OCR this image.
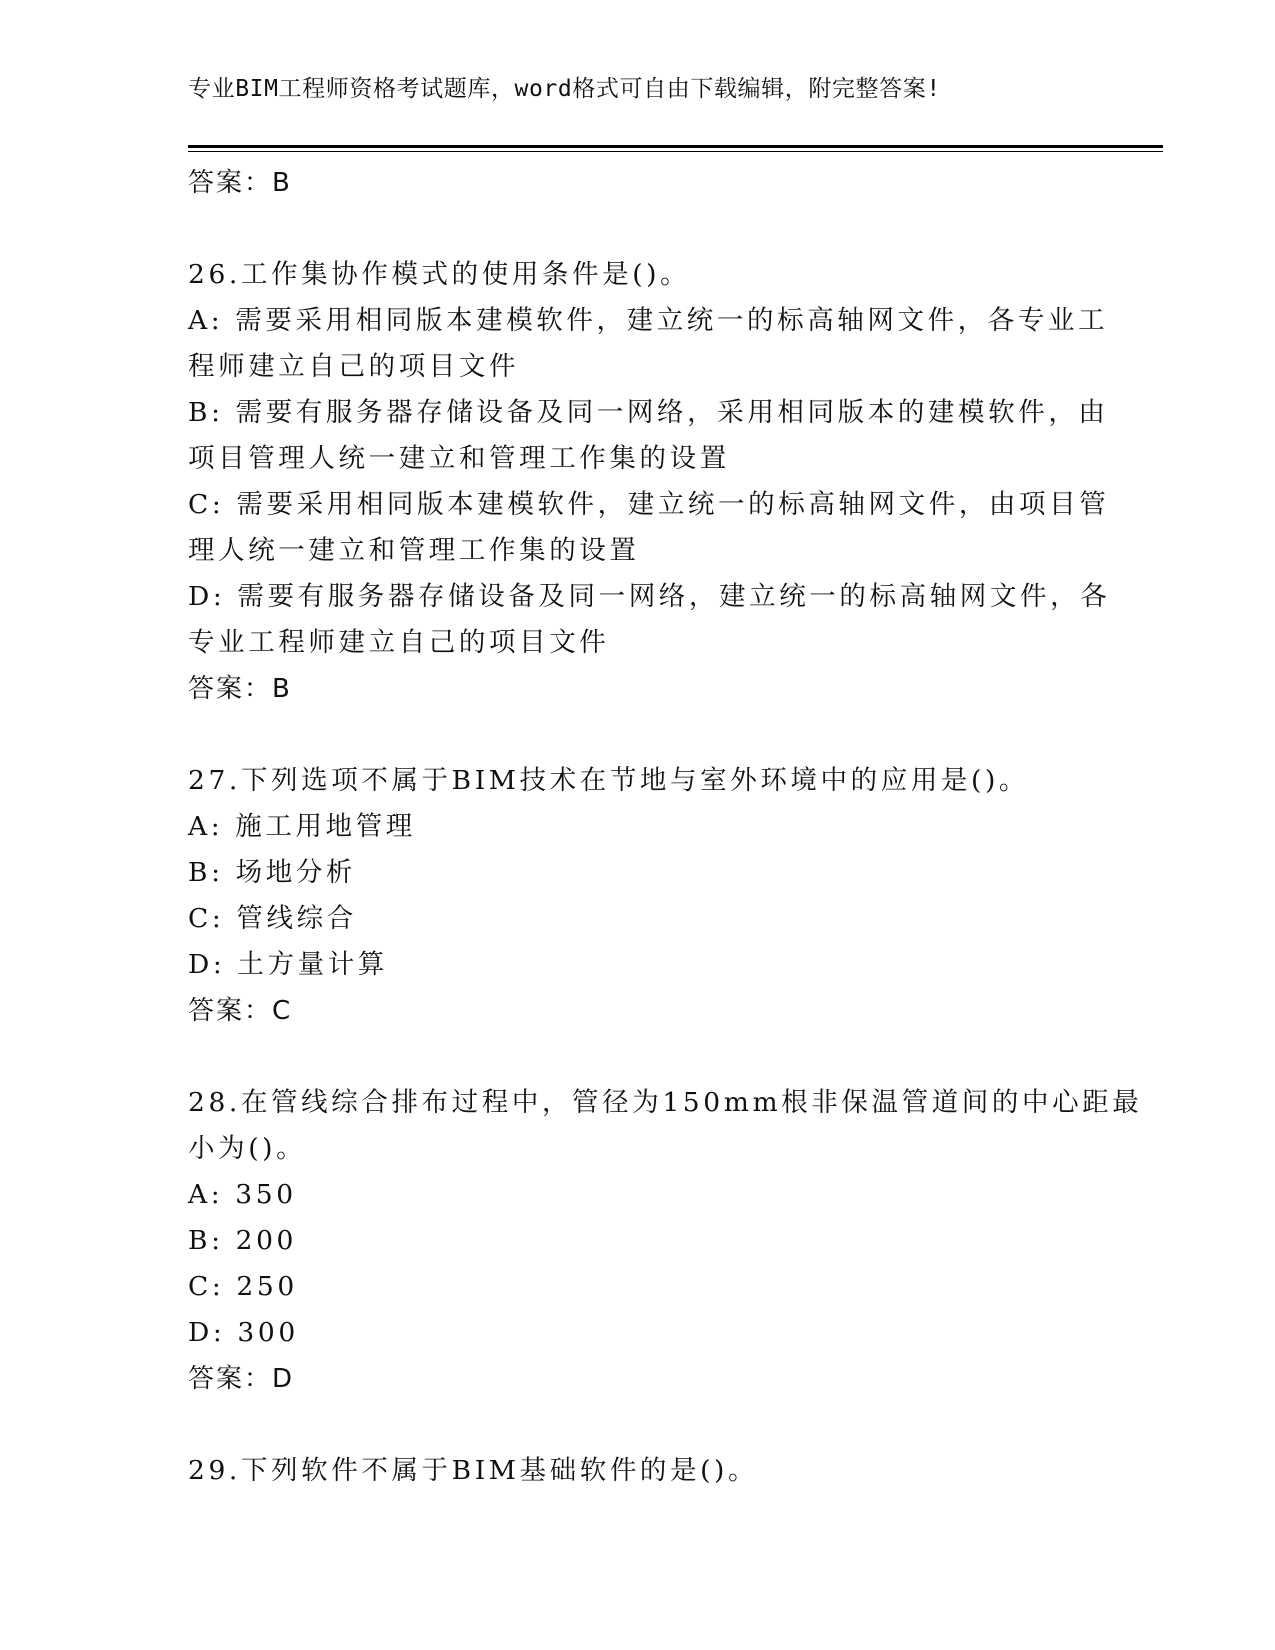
专业BIM工程师资格考试题库，word格式可自由下载编辑，附完整答案!
答案：B
26.工作集协作模式的使用条件是()。
A: 需要采用相同版本建模软件，建立统一的标高轴网文件，各专业工
程师建立自己的项目文件
B: 需要有服务器存储设备及同一网络，采用相同版本的建模软件，由
项目管理人统一建立和管理工作集的设置
C: 需要采用相同版本建模软件，建立统一的标高轴网文件，由项目管
理人统一建立和管理工作集的设置
D: 需要有服务器存储设备及同一网络，建立统一的标高轴网文件，各
专业工程师建立自己的项目文件
答案：B
27.下列选项不属于BIM技术在节地与室外环境中的应用是()。
A: 施工用地管理
B: 场地分析
C: 管线综合
D: 土方量计算
答案：C
28.在管线综合排布过程中，管径为150mm根非保温管道间的中心距最
小为()。
A: 350
B: 200
C: 250
D: 300
答案：D
29.下列软件不属于BIM基础软件的是()。
